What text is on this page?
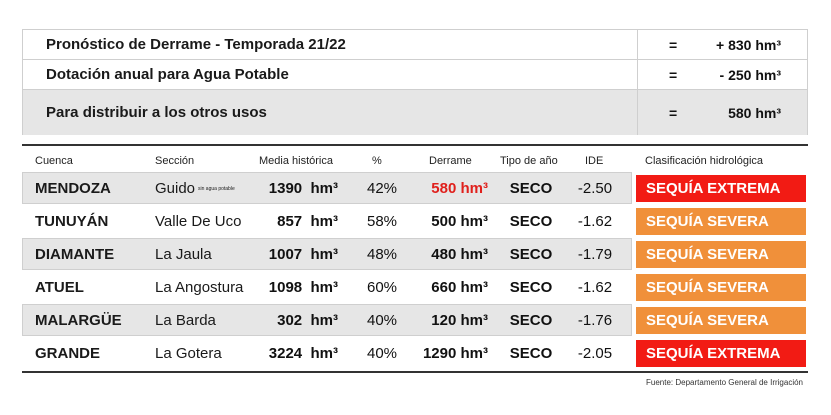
Pronóstico de Derrame - Temporada 21/22	=	+ 830 hm³
Dotación anual para Agua Potable	=	- 250 hm³
Para distribuir a los otros usos	=	580 hm³
Cuenca	Sección	Media histórica	%	Derrame	Tipo de año IDE	Clasificación hidrológica
MENDOZA	Guido sin agua potable	1390 hm³	42%	580 hm³ SECO	-2.50	SEQUÍA EXTREMA
TUNUYÁN	Valle De Uco	857 hm³	58%	500 hm³ SECO	-1.62	SEQUÍA SEVERA
DIAMANTE	La Jaula	1007 hm³	48%	480 hm³ SECO	-1.79	SEQUÍA SEVERA
ATUEL	La Angostura	1098 hm³	60%	660 hm³ SECO	-1.62	SEQUÍA SEVERA
MALARGÜE La Barda	302 hm³	40%	120 hm³ SECO	-1.76	SEQUÍA SEVERA
GRANDE	La Gotera	3224 hm³	40%	1290 hm³ SECO	-2.05	SEQUÍA EXTREMA
Fuente: Departamento General de Irrigación
